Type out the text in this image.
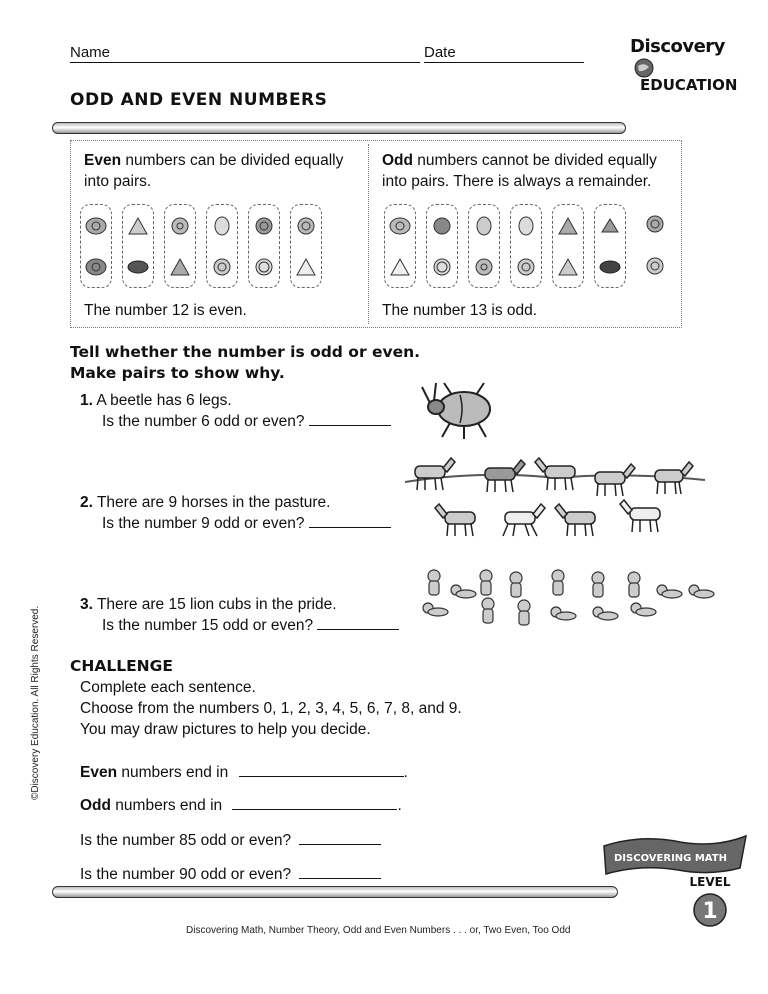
Name	Date	Discovery
EDUCATION
ODD AND EVEN NUMBERS
Even numbers can be divided equally into pairs.
Odd numbers cannot be divided equally into pairs. There is always a remainder.
The number 12 is even.	The number 13 is odd.
Tell whether the number is odd or even.
Make pairs to show why.
1. A beetle has 6 legs.
Is the number 6 odd or even?
2. There are 9 horses in the pasture.
Is the number 9 odd or even?
3. There are 15 lion cubs in the pride.
Is the number 15 odd or even?
CHALLENGE
Complete each sentence.
Choose from the numbers 0, 1, 2, 3, 4, 5, 6, 7, 8, and 9.
You may draw pictures to help you decide.
Even numbers end in	.
Odd numbers end in	.
Is the number 85 odd or even?
Is the number 90 odd or even?
DISCOVERING MATH
LEVEL
1
Discovering Math, Number Theory, Odd and Even Numbers . . . or, Two Even, Too Odd
©Discovery Education. All Rights Reserved.
